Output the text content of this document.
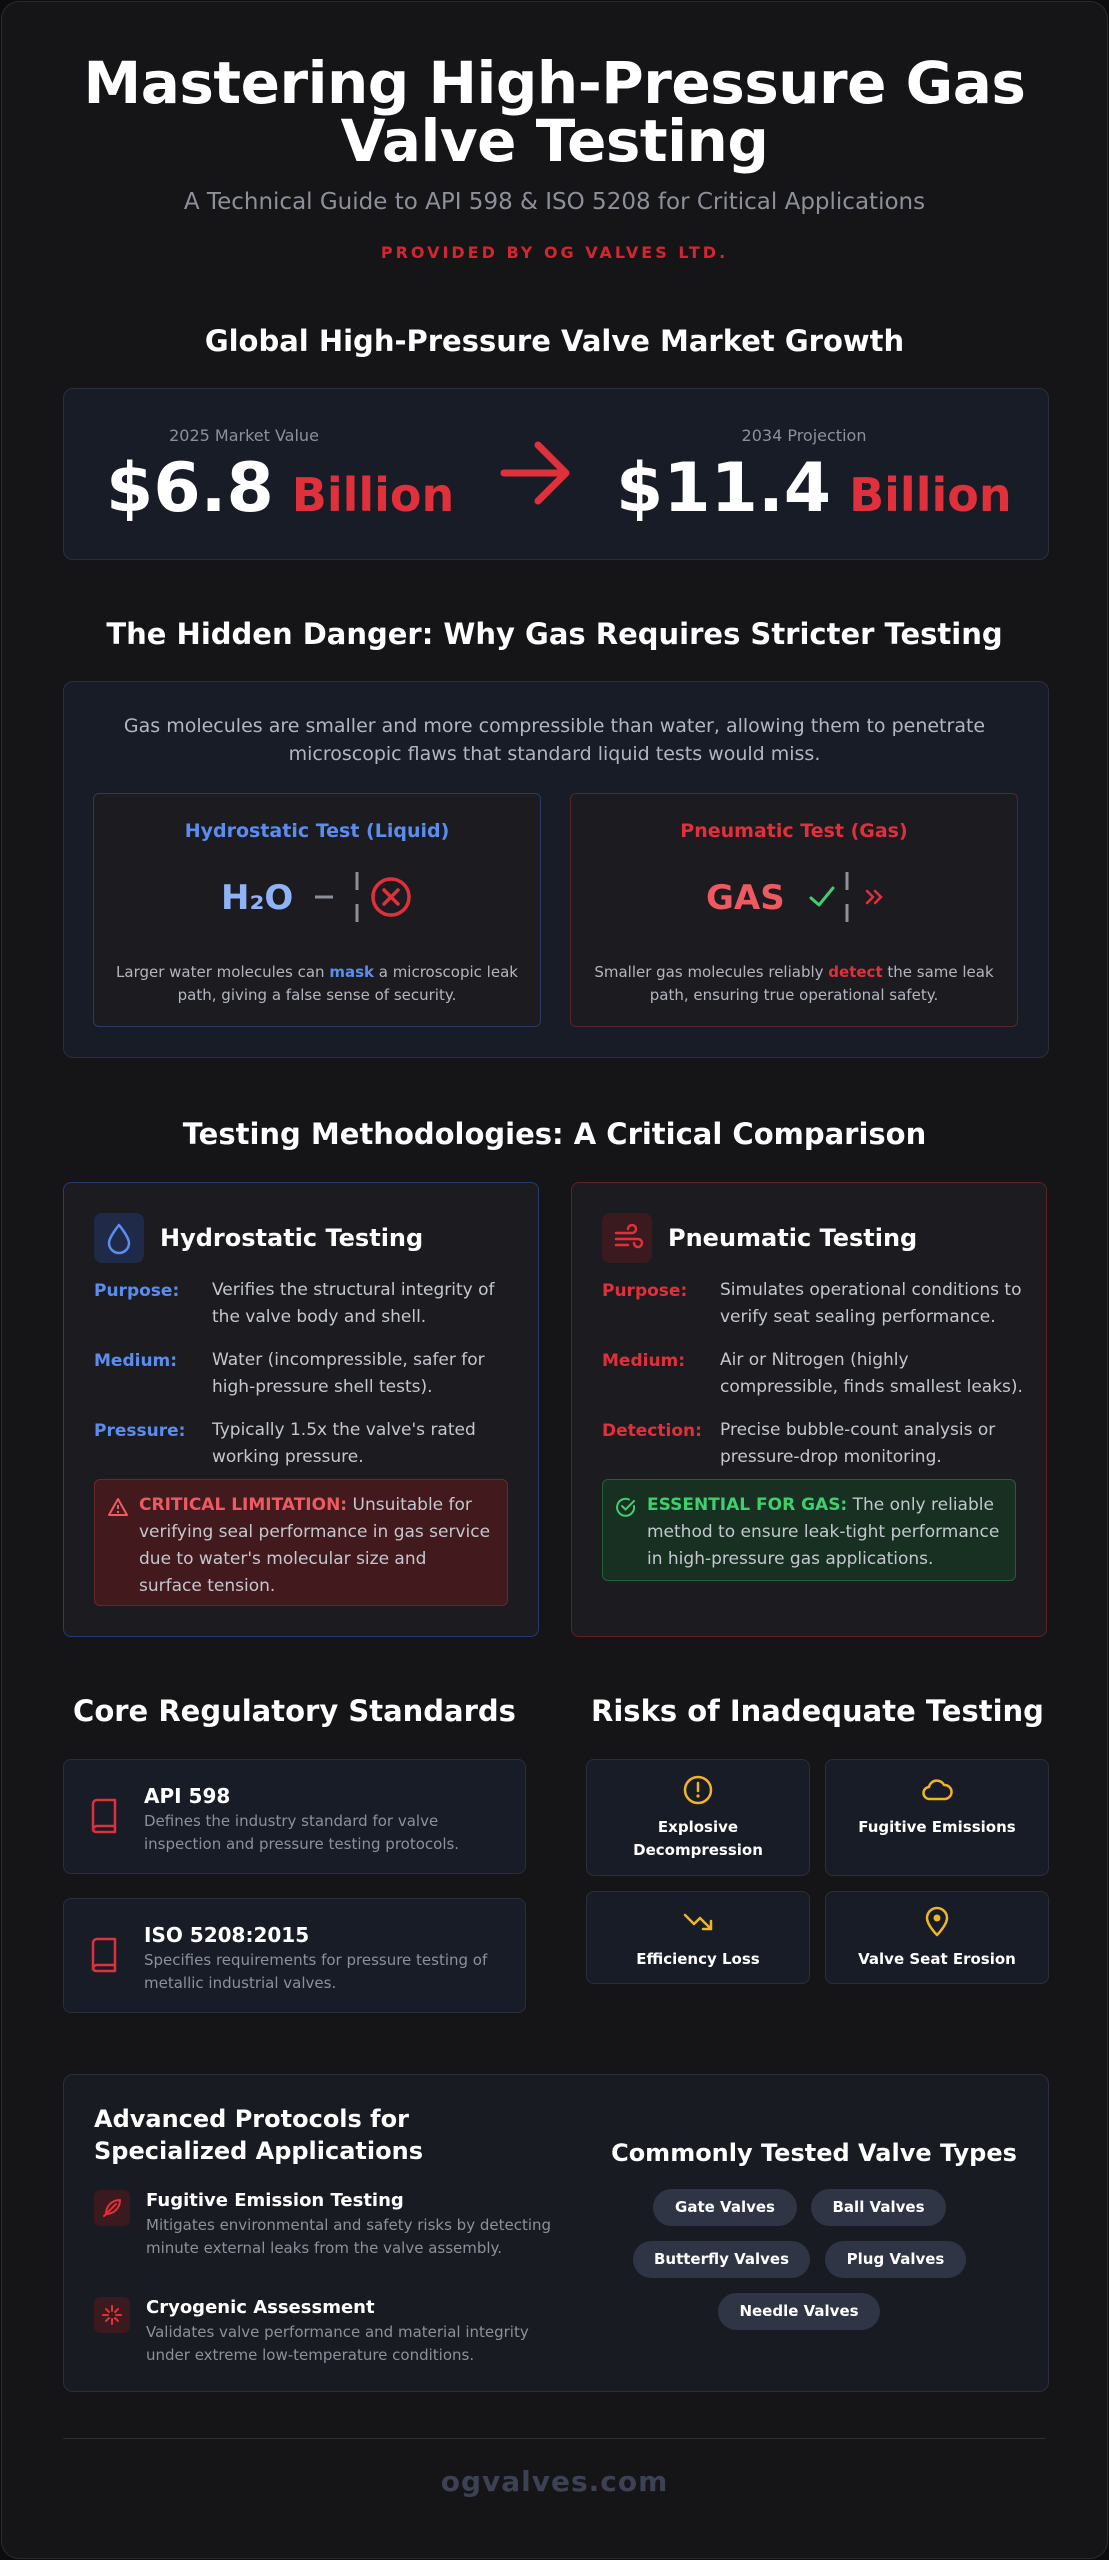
Mastering High-Pressure Gas
Valve Testing
A Technical Guide to API 598 & ISO 5208 for Critical Applications
PROVIDED BY OG VALVES LTD.
Global High-Pressure Valve Market Growth
2025 Market Value
$6.8 Billion
2034 Projection
$11.4 Billion
The Hidden Danger: Why Gas Requires Stricter Testing
Gas molecules are smaller and more compressible than water, allowing them to penetrate microscopic flaws that standard liquid tests would miss.
Hydrostatic Test (Liquid)
H₂O
Larger water molecules can mask a microscopic leak path, giving a false sense of security.
Pneumatic Test (Gas)
GAS
Smaller gas molecules reliably detect the same leak path, ensuring true operational safety.
Testing Methodologies: A Critical Comparison
Hydrostatic Testing
Purpose: Verifies the structural integrity of the valve body and shell.
Medium: Water (incompressible, safer for high-pressure shell tests).
Pressure: Typically 1.5x the valve's rated working pressure.
CRITICAL LIMITATION: Unsuitable for verifying seal performance in gas service due to water's molecular size and surface tension.
Pneumatic Testing
Purpose: Simulates operational conditions to verify seat sealing performance.
Medium: Air or Nitrogen (highly compressible, finds smallest leaks).
Detection: Precise bubble-count analysis or pressure-drop monitoring.
ESSENTIAL FOR GAS: The only reliable method to ensure leak-tight performance in high-pressure gas applications.
Core Regulatory Standards
API 598
Defines the industry standard for valve inspection and pressure testing protocols.
ISO 5208:2015
Specifies requirements for pressure testing of metallic industrial valves.
Risks of Inadequate Testing
Explosive
Decompression
Fugitive Emissions
Efficiency Loss	Valve Seat Erosion
Advanced Protocols for Specialized Applications
Fugitive Emission Testing
Mitigates environmental and safety risks by detecting minute external leaks from the valve assembly.
Cryogenic Assessment
Validates valve performance and material integrity under extreme low-temperature conditions.
Commonly Tested Valve Types
Gate Valves	Ball Valves
Butterfly Valves	Plug Valves
Needle Valves
ogvalves.com
